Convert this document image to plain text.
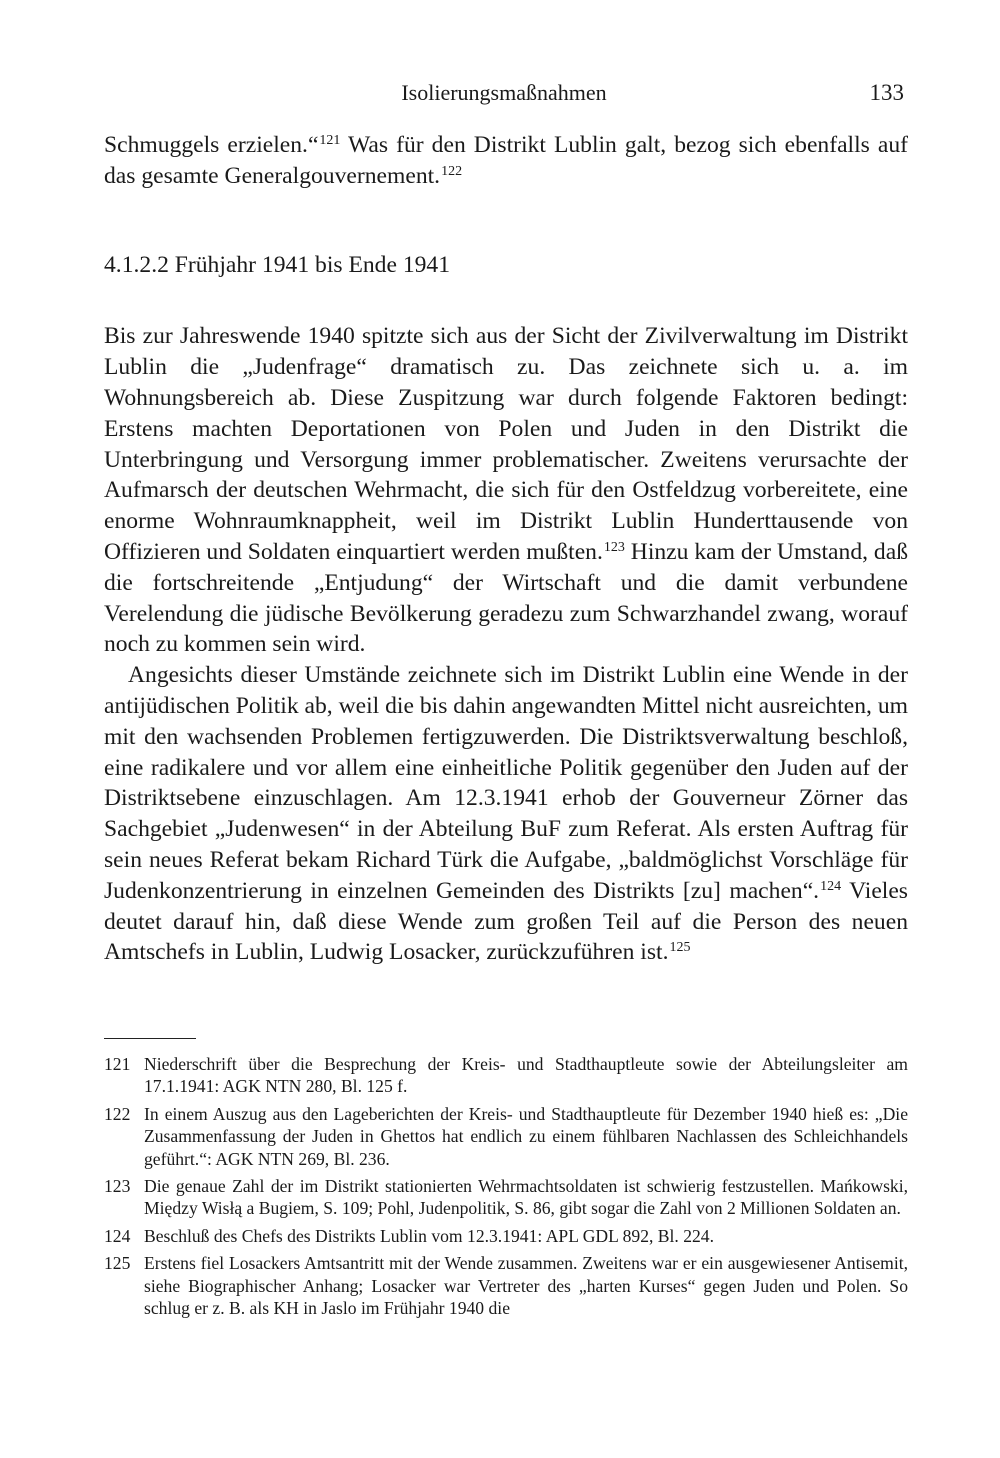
Isolierungsmaßnahmen	133

Schmuggels erzielen.“$^{121}$ Was für den Distrikt Lublin galt, bezog sich ebenfalls auf das gesamte Generalgouvernement.$^{122}$

4.1.2.2 Frühjahr 1941 bis Ende 1941

Bis zur Jahreswende 1940 spitzte sich aus der Sicht der Zivilverwaltung im Distrikt Lublin die „Judenfrage“ dramatisch zu. Das zeichnete sich u. a. im Wohnungsbereich ab. Diese Zuspitzung war durch folgende Faktoren bedingt: Erstens machten Deportationen von Polen und Juden in den Distrikt die Unterbringung und Versorgung immer problematischer. Zweitens verursachte der Aufmarsch der deutschen Wehrmacht, die sich für den Ostfeldzug vorbereitete, eine enorme Wohnraumknappheit, weil im Distrikt Lublin Hunderttausende von Offizieren und Soldaten einquartiert werden mußten.$^{123}$ Hinzu kam der Umstand, daß die fortschreitende „Entjudung“ der Wirtschaft und die damit verbundene Verelendung die jüdische Bevölkerung geradezu zum Schwarzhandel zwang, worauf noch zu kommen sein wird.

Angesichts dieser Umstände zeichnete sich im Distrikt Lublin eine Wende in der antijüdischen Politik ab, weil die bis dahin angewandten Mittel nicht ausreichten, um mit den wachsenden Problemen fertigzuwerden. Die Distriktsverwaltung beschloß, eine radikalere und vor allem eine einheitliche Politik gegenüber den Juden auf der Distriktsebene einzuschlagen. Am 12.3.1941 erhob der Gouverneur Zörner das Sachgebiet „Judenwesen“ in der Abteilung BuF zum Referat. Als ersten Auftrag für sein neues Referat bekam Richard Türk die Aufgabe, „baldmöglichst Vorschläge für Judenkonzentrierung in einzelnen Gemeinden des Distrikts [zu] machen“.$^{124}$ Vieles deutet darauf hin, daß diese Wende zum großen Teil auf die Person des neuen Amtschefs in Lublin, Ludwig Losacker, zurückzuführen ist.$^{125}$

121 Niederschrift über die Besprechung der Kreis- und Stadthauptleute sowie der Abteilungsleiter am 17.1.1941: AGK NTN 280, Bl. 125 f.
122 In einem Auszug aus den Lageberichten der Kreis- und Stadthauptleute für Dezember 1940 hieß es: „Die Zusammenfassung der Juden in Ghettos hat endlich zu einem fühlbaren Nachlassen des Schleichhandels geführt.“: AGK NTN 269, Bl. 236.
123 Die genaue Zahl der im Distrikt stationierten Wehrmachtsoldaten ist schwierig festzustellen. Mańkowski, Między Wisłą a Bugiem, S. 109; Pohl, Judenpolitik, S. 86, gibt sogar die Zahl von 2 Millionen Soldaten an.
124 Beschluß des Chefs des Distrikts Lublin vom 12.3.1941: APL GDL 892, Bl. 224.
125 Erstens fiel Losackers Amtsantritt mit der Wende zusammen. Zweitens war er ein ausgewiesener Antisemit, siehe Biographischer Anhang; Losacker war Vertreter des „harten Kurses“ gegen Juden und Polen. So schlug er z. B. als KH in Jaslo im Frühjahr 1940 die
